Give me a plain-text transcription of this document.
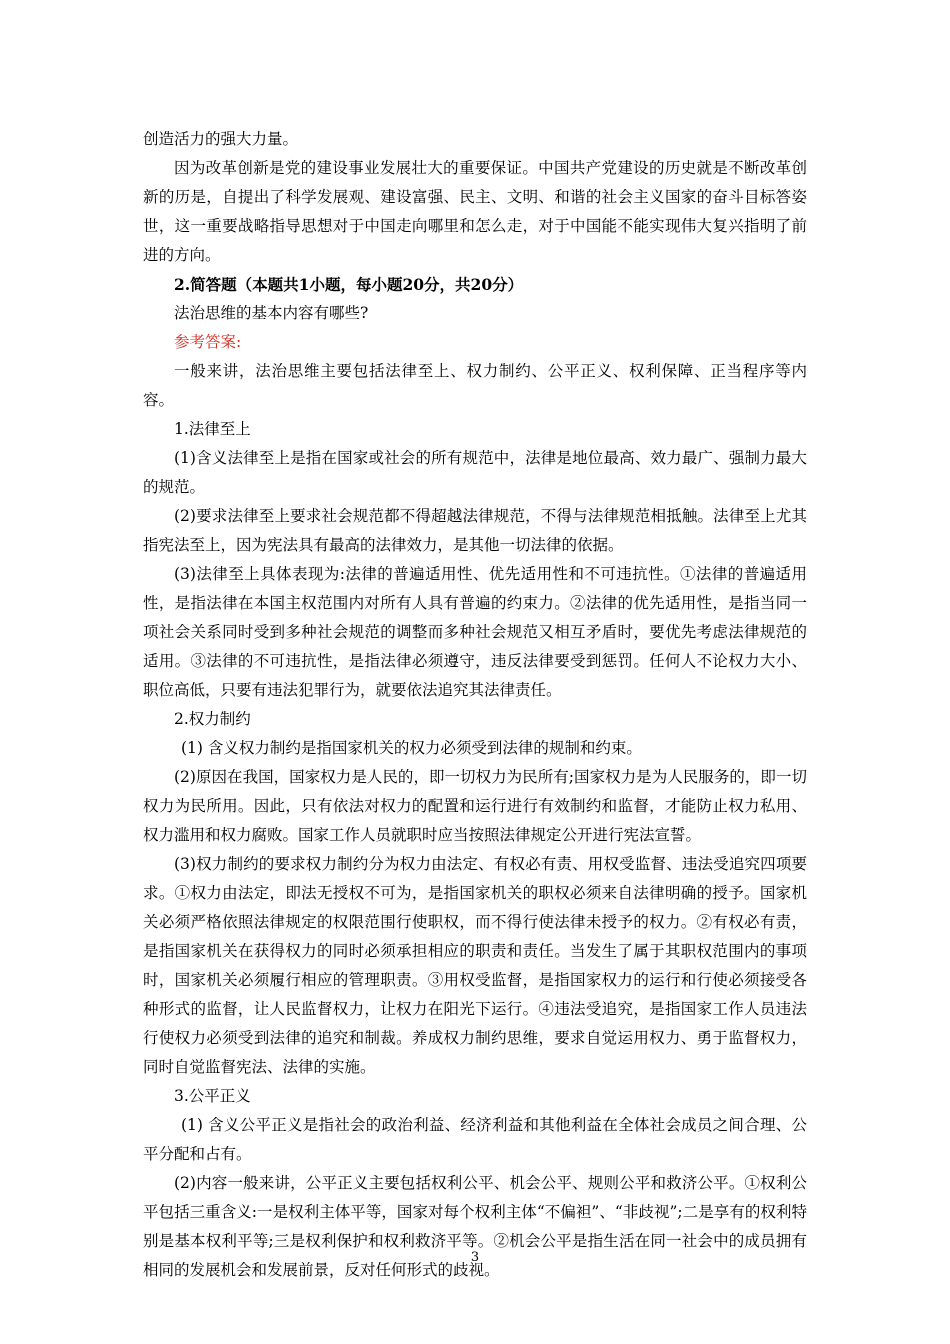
创造活力的强大力量。

因为改革创新是党的建设事业发展壮大的重要保证。中国共产党建设的历史就是不断改革创新的历是，自提出了科学发展观、建设富强、民主、文明、和谐的社会主义国家的奋斗目标答姿世，这一重要战略指导思想对于中国走向哪里和怎么走，对于中国能不能实现伟大复兴指明了前进的方向。

2.简答题（本题共1小题，每小题20分，共20分）

法治思维的基本内容有哪些?

参考答案:

一般来讲，法治思维主要包括法律至上、权力制约、公平正义、权利保障、正当程序等内容。

1.法律至上

(1)含义法律至上是指在国家或社会的所有规范中，法律是地位最高、效力最广、强制力最大的规范。

(2)要求法律至上要求社会规范都不得超越法律规范，不得与法律规范相抵触。法律至上尤其指宪法至上，因为宪法具有最高的法律效力，是其他一切法律的依据。

(3)法律至上具体表现为:法律的普遍适用性、优先适用性和不可违抗性。①法律的普遍适用性，是指法律在本国主权范围内对所有人具有普遍的约束力。②法律的优先适用性，是指当同一项社会关系同时受到多种社会规范的调整而多种社会规范又相互矛盾时，要优先考虑法律规范的适用。③法律的不可违抗性，是指法律必须遵守，违反法律要受到惩罚。任何人不论权力大小、职位高低，只要有违法犯罪行为，就要依法追究其法律责任。

2.权力制约

(1) 含义权力制约是指国家机关的权力必须受到法律的规制和约束。

(2)原因在我国，国家权力是人民的，即一切权力为民所有;国家权力是为人民服务的，即一切权力为民所用。因此，只有依法对权力的配置和运行进行有效制约和监督，才能防止权力私用、权力滥用和权力腐败。国家工作人员就职时应当按照法律规定公开进行宪法宣誓。

(3)权力制约的要求权力制约分为权力由法定、有权必有责、用权受监督、违法受追究四项要求。①权力由法定，即法无授权不可为，是指国家机关的职权必须来自法律明确的授予。国家机关必须严格依照法律规定的权限范围行使职权，而不得行使法律未授予的权力。②有权必有责，是指国家机关在获得权力的同时必须承担相应的职责和责任。当发生了属于其职权范围内的事项时，国家机关必须履行相应的管理职责。③用权受监督，是指国家权力的运行和行使必须接受各种形式的监督，让人民监督权力，让权力在阳光下运行。④违法受追究，是指国家工作人员违法行使权力必须受到法律的追究和制裁。养成权力制约思维，要求自觉运用权力、勇于监督权力，同时自觉监督宪法、法律的实施。

3.公平正义

(1) 含义公平正义是指社会的政治利益、经济利益和其他利益在全体社会成员之间合理、公平分配和占有。

(2)内容一般来讲，公平正义主要包括权利公平、机会公平、规则公平和救济公平。①权利公平包括三重含义:一是权利主体平等，国家对每个权利主体“不偏袒”、“非歧视”;二是享有的权利特别是基本权利平等;三是权利保护和权利救济平等。②机会公平是指生活在同一社会中的成员拥有相同的发展机会和发展前景，反对任何形式的歧视。

3
